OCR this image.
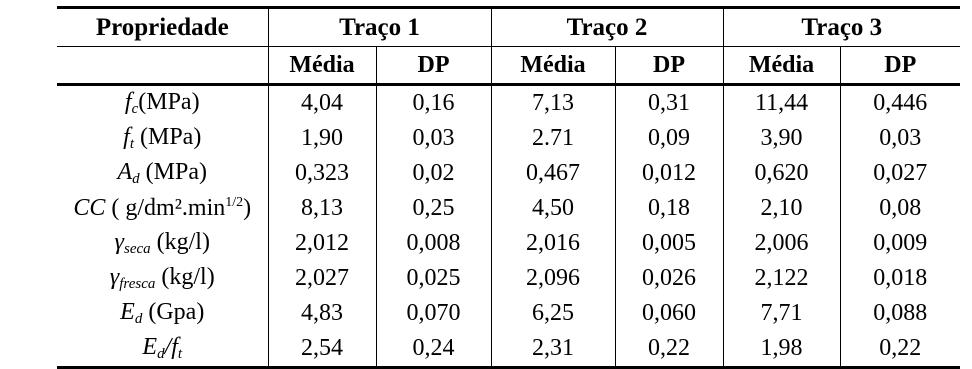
Propriedade	Traço 1		Traço 2		Traço 3	
	Média	DP	Média	DP	Média	DP
$f_c(MPa)$	4,04	0,16	7,13	0,31	11,44	0,446
$f_t$ (MPa)	1,90	0,03	2.71	0,09	3,90	0,03
$A_d$ (MPa)	0,323	0,02	0,467	0,012	0,620	0,027
CC ( $g/dm^2.\min^{1/2}$)	8,13	0,25	4,50	0,18	2,10	0,08
$\gamma_{seca}$ (kg/l)	2,012	0,008	2,016	0,005	2,006	0,009
$\gamma_{fresca}$ (kg/l)	2,027	0,025	2,096	0,026	2,122	0,018
$E_d$ (Gpa)	4,83	0,070	6,25	0,060	7,71	0,088
$E_d/f_t$	2,54	0,24	2,31	0,22	1,98	0,22
